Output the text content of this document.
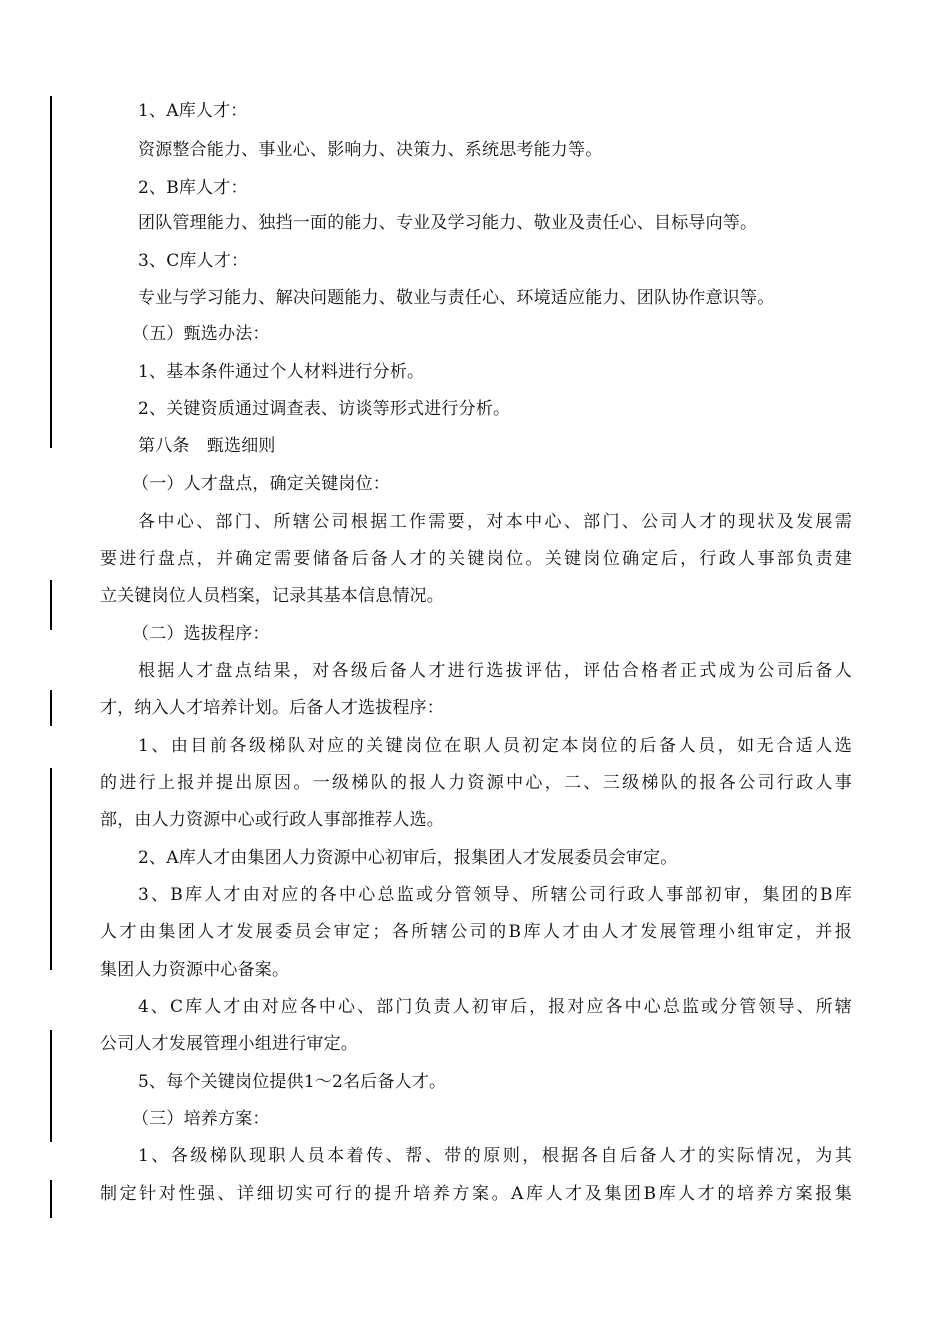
1、A库人才：
资源整合能力、事业心、影响力、决策力、系统思考能力等。
2、B库人才：
团队管理能力、独挡一面的能力、专业及学习能力、敬业及责任心、目标导向等。
3、C库人才：
专业与学习能力、解决问题能力、敬业与责任心、环境适应能力、团队协作意识等。
（五）甄选办法：
1、基本条件通过个人材料进行分析。
2、关键资质通过调查表、访谈等形式进行分析。
第八条　甄选细则
（一）人才盘点，确定关键岗位：
各中心、部门、所辖公司根据工作需要，对本中心、部门、公司人才的现状及发展需
要进行盘点，并确定需要储备后备人才的关键岗位。关键岗位确定后，行政人事部负责建
立关键岗位人员档案，记录其基本信息情况。
（二）选拔程序：
根据人才盘点结果，对各级后备人才进行选拔评估，评估合格者正式成为公司后备人
才，纳入人才培养计划。后备人才选拔程序：
1、由目前各级梯队对应的关键岗位在职人员初定本岗位的后备人员，如无合适人选
的进行上报并提出原因。一级梯队的报人力资源中心，二、三级梯队的报各公司行政人事
部，由人力资源中心或行政人事部推荐人选。
2、A库人才由集团人力资源中心初审后，报集团人才发展委员会审定。
3、B库人才由对应的各中心总监或分管领导、所辖公司行政人事部初审，集团的B库
人才由集团人才发展委员会审定；各所辖公司的B库人才由人才发展管理小组审定，并报
集团人力资源中心备案。
4、C库人才由对应各中心、部门负责人初审后，报对应各中心总监或分管领导、所辖
公司人才发展管理小组进行审定。
5、每个关键岗位提供1～2名后备人才。
（三）培养方案：
1、各级梯队现职人员本着传、帮、带的原则，根据各自后备人才的实际情况，为其
制定针对性强、详细切实可行的提升培养方案。A库人才及集团B库人才的培养方案报集
